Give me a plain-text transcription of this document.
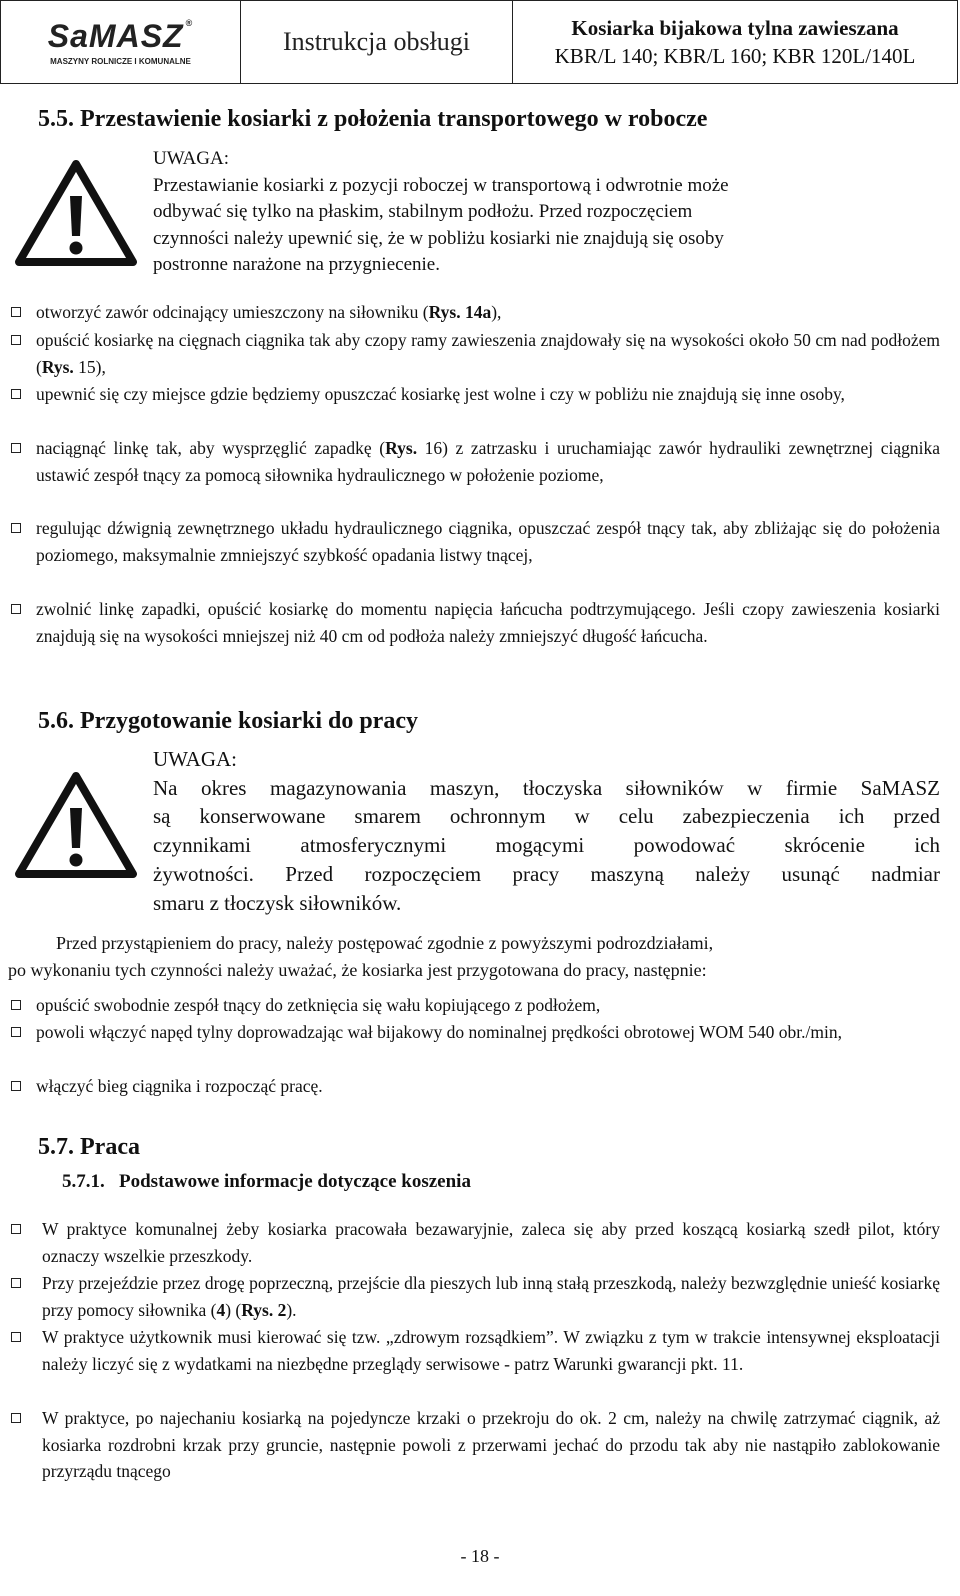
SaMASZ ®
MASZYNY ROLNICZE I KOMUNALNE
Instrukcja obsługi	Kosiarka bijakowa tylna zawieszana
KBR/L 140; KBR/L 160; KBR 120L/140L
5.5. Przestawienie kosiarki z położenia transportowego w robocze
UWAGA:
Przestawianie kosiarki z pozycji roboczej w transportową i odwrotnie może
odbywać się tylko na płaskim, stabilnym podłożu. Przed rozpoczęciem
czynności należy upewnić się, że w pobliżu kosiarki nie znajdują się osoby
postronne narażone na przygniecenie.
otworzyć zawór odcinający umieszczony na siłowniku (Rys. 14a),
opuścić kosiarkę na cięgnach ciągnika tak aby czopy ramy zawieszenia znajdowały się na wysokości około 50 cm nad podłożem (Rys. 15),
upewnić się czy miejsce gdzie będziemy opuszczać kosiarkę jest wolne i czy w pobliżu nie znajdują się inne osoby,
naciągnąć linkę tak, aby wysprzęglić zapadkę (Rys. 16) z zatrzasku i uruchamiając zawór hydrauliki zewnętrznej ciągnika ustawić zespół tnący za pomocą siłownika hydraulicznego w położenie poziome,
regulując dźwignią zewnętrznego układu hydraulicznego ciągnika, opuszczać zespół tnący tak, aby zbliżając się do położenia poziomego, maksymalnie zmniejszyć szybkość opadania listwy tnącej,
zwolnić linkę zapadki, opuścić kosiarkę do momentu napięcia łańcucha podtrzymującego. Jeśli czopy zawieszenia kosiarki znajdują się na wysokości mniejszej niż 40 cm od podłoża należy zmniejszyć długość łańcucha.
5.6. Przygotowanie kosiarki do pracy
UWAGA:
Na okres magazynowania maszyn, tłoczyska siłowników w firmie SaMASZ
są konserwowane smarem ochronnym w celu zabezpieczenia ich przed
czynnikami atmosferycznymi mogącymi powodować skrócenie ich
żywotności. Przed rozpoczęciem pracy maszyną należy usunąć nadmiar
smaru z tłoczysk siłowników.
Przed przystąpieniem do pracy, należy postępować zgodnie z powyższymi podrozdziałami,
po wykonaniu tych czynności należy uważać, że kosiarka jest przygotowana do pracy, następnie:
opuścić swobodnie zespół tnący do zetknięcia się wału kopiującego z podłożem,
powoli włączyć napęd tylny doprowadzając wał bijakowy do nominalnej prędkości obrotowej WOM 540 obr./min,
włączyć bieg ciągnika i rozpocząć pracę.
5.7. Praca
5.7.1.   Podstawowe informacje dotyczące koszenia
W praktyce komunalnej żeby kosiarka pracowała bezawaryjnie, zaleca się aby przed koszącą kosiarką szedł pilot, który oznaczy wszelkie przeszkody.
Przy przejeździe przez drogę poprzeczną, przejście dla pieszych lub inną stałą przeszkodą, należy bezwzględnie unieść kosiarkę przy pomocy siłownika (4) (Rys. 2).
W praktyce użytkownik musi kierować się tzw. „zdrowym rozsądkiem”. W związku z tym w trakcie intensywnej eksploatacji należy liczyć się z wydatkami na niezbędne przeglądy serwisowe - patrz Warunki gwarancji pkt. 11.
W praktyce, po najechaniu kosiarką na pojedyncze krzaki o przekroju do ok. 2 cm, należy na chwilę zatrzymać ciągnik, aż kosiarka rozdrobni krzak przy gruncie, następnie powoli z przerwami jechać do przodu tak aby nie nastąpiło zablokowanie przyrządu tnącego
- 18 -
